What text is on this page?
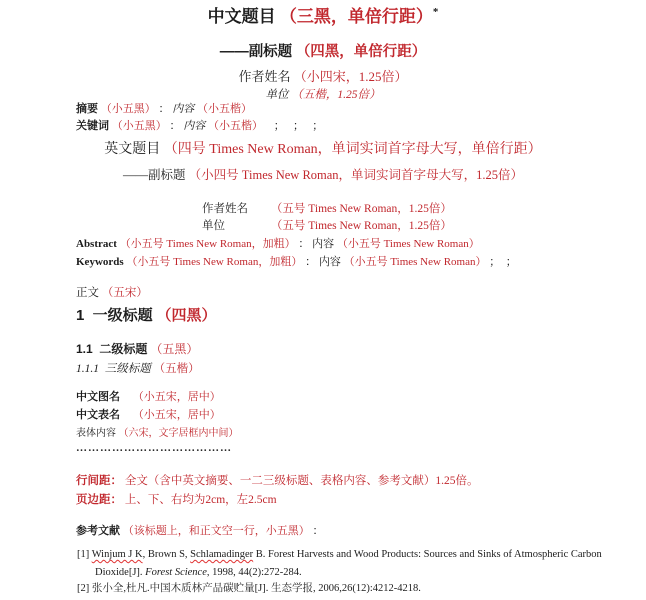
中文题目 （三黑，单倍行距）*
——副标题 （四黑，单倍行距）
作者姓名 （小四宋，1.25倍）
单位 （五楷，1.25倍）
摘要 （小五黑） ： 内容 （小五楷）
关键词 （小五黑） ： 内容 （小五楷） ；   ；   ；
英文题目 （四号 Times New Roman，单词实词首字母大写，单倍行距）
——副标题 （小四号 Times New Roman，单词实词首字母大写，1.25倍）
作者姓名 （五号 Times New Roman，1.25倍）
单位	（五号 Times New Roman，1.25倍）
Abstract （小五号 Times New Roman，加粗） ： 内容 （小五号 Times New Roman）
Keywords （小五号 Times New Roman，加粗） ： 内容 （小五号 Times New Roman） ；  ；
正文 （五宋）
1  一级标题 （四黑）
1.1  二级标题 （五黑）
1.1.1  三级标题 （五楷）
中文图名 （小五宋，居中）
中文表名 （小五宋，居中）
表体内容 （六宋，文字居框内中间）
…………………………………
行间距： 全文（含中英文摘要、一二三级标题、表格内容、参考文献）1.25倍。
页边距： 上、下、右均为2cm，左2.5cm
参考文献 （该标题上，和正文空一行，小五黑） ：
[1] Winjum J K, Brown S, Schlamadinger B. Forest Harvests and Wood Products: Sources and Sinks of Atmospheric Carbon Dioxide[J]. Forest Science, 1998, 44(2):272-284.
[2] 张小全,杜凡.中国木质林产品碳贮量[J]. 生态学报, 2006,26(12):4212-4218.
